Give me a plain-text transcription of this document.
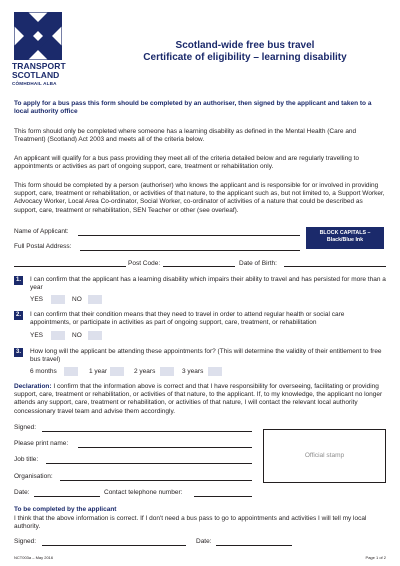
TRANSPORT
SCOTLAND
CÒMHDHAIL ALBA
Scotland-wide free bus travel
Certificate of eligibility – learning disability
To apply for a bus pass this form should be completed by an authoriser, then signed by the applicant and taken to a local authority office
This form should only be completed where someone has a learning disability as defined in the Mental Health (Care and Treatment) (Scotland) Act 2003 and meets all of the criteria below.
An applicant will qualify for a bus pass providing they meet all of the criteria detailed below and are regularly travelling to appointments or activities as part of ongoing support, care, treatment or rehabilitation only.
This form should be completed by a person (authoriser) who knows the applicant and is responsible for or involved in providing support, care, treatment or rehabilitation, or activities of that nature, to the applicant such as, but not limited to, a Support Worker, Advocacy Worker, Local Area Co-ordinator, Social Worker, co-ordinator of activities of a nature that could be described as support, care, treatment or rehabilitation, SEN Teacher or other (see overleaf).
Name of Applicant:
Full Postal Address:
Post Code:	Date of Birth:
BLOCK CAPITALS –
Black/Blue Ink
1.	I can confirm that the applicant has a learning disability which impairs their ability to travel and has persisted for more than a year
YES	NO
2.	I can confirm that their condition means that they need to travel in order to attend regular health or social care appointments, or participate in activities as part of ongoing support, care, treatment, or rehabilitation
YES	NO
3.	How long will the applicant be attending these appointments for? (This will determine the validity of their entitlement to free bus travel)
6 months	1 year	2 years	3 years
Declaration: I confirm that the information above is correct and that I have responsibility for overseeing, facilitating or providing support, care, treatment or rehabilitation, or activities of that nature, to the applicant. If, to my knowledge, the applicant no longer attends any support, care, treatment or rehabilitation, or activities of that nature, I will contact the relevant local authority concessionary travel team and advise them accordingly.
Signed:
Please print name:
Job title:
Organisation:
Date:	Contact telephone number:
Official stamp
To be completed by the applicant
I think that the above information is correct. If I don't need a bus pass to go to appointments and activities I will tell my local authority.
Signed:	Date:
NCT003a – May 2016	Page 1 of 2
